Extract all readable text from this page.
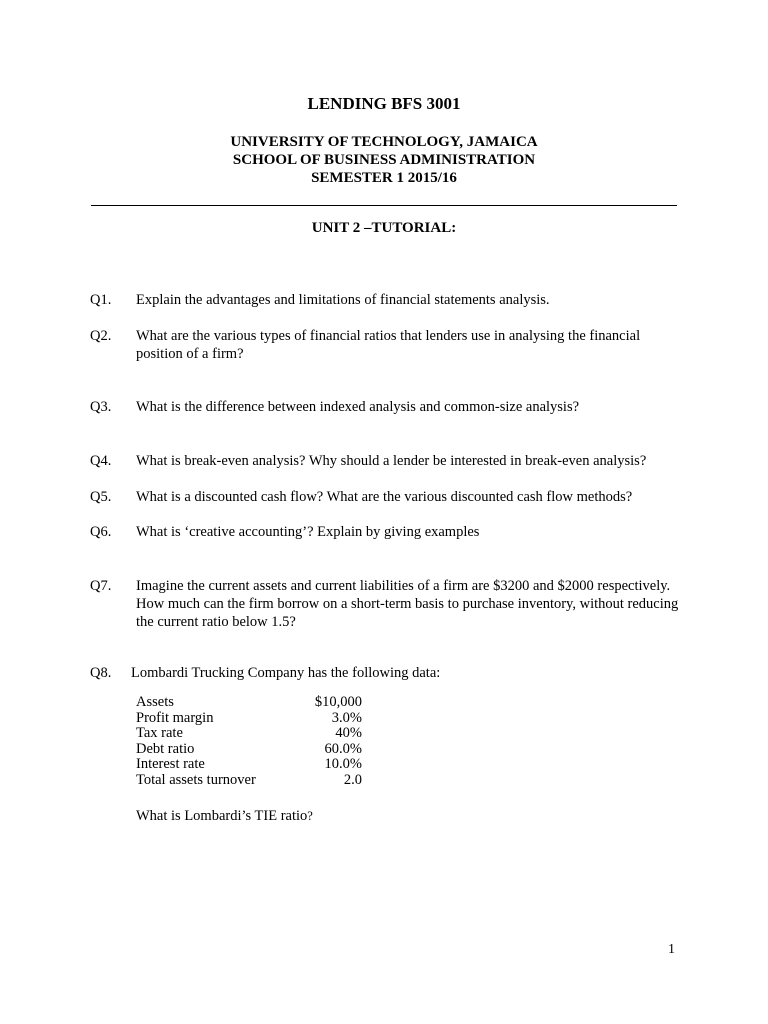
LENDING BFS 3001
UNIVERSITY OF TECHNOLOGY, JAMAICA
SCHOOL OF BUSINESS ADMINISTRATION
SEMESTER 1 2015/16
UNIT 2 –TUTORIAL:
Q1. Explain the advantages and limitations of financial statements analysis.
Q2. What are the various types of financial ratios that lenders use in analysing the financial position of a firm?
Q3. What is the difference between indexed analysis and common-size analysis?
Q4. What is break-even analysis? Why should a lender be interested in break-even analysis?
Q5. What is a discounted cash flow? What are the various discounted cash flow methods?
Q6. What is ‘creative accounting’? Explain by giving examples
Q7. Imagine the current assets and current liabilities of a firm are $3200 and $2000 respectively. How much can the firm borrow on a short-term basis to purchase inventory, without reducing the current ratio below 1.5?
Q8. Lombardi Trucking Company has the following data:
Assets	$10,000
Profit margin	3.0%
Tax rate	40%
Debt ratio	60.0%
Interest rate	10.0%
Total assets turnover	2.0
What is Lombardi’s TIE ratio?
1
